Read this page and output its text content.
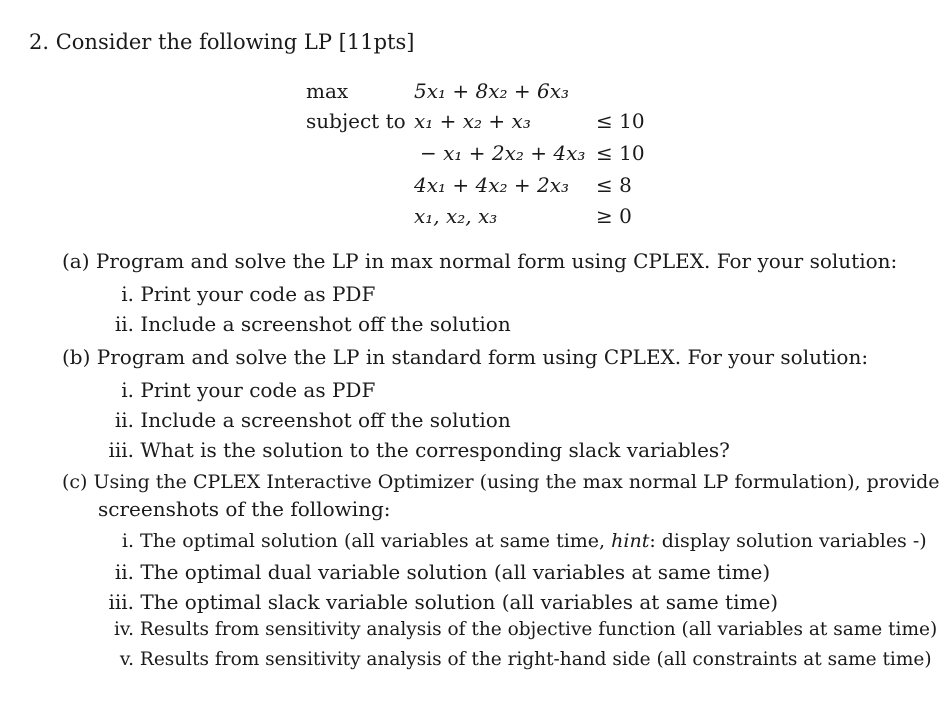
2. Consider the following LP [11pts]
max	5x₁ + 8x₂ + 6x₃
subject to x₁ + x₂ + x₃	≤ 10
− x₁ + 2x₂ + 4x₃ ≤ 10
4x₁ + 4x₂ + 2x₃ ≤ 8
x₁, x₂, x₃	≥ 0
(a) Program and solve the LP in max normal form using CPLEX. For your solution:
i. Print your code as PDF
ii. Include a screenshot off the solution
(b) Program and solve the LP in standard form using CPLEX. For your solution:
i. Print your code as PDF
ii. Include a screenshot off the solution
iii. What is the solution to the corresponding slack variables?
(c) Using the CPLEX Interactive Optimizer (using the max normal LP formulation), provide
screenshots of the following:
i. The optimal solution (all variables at same time, hint: display solution variables -)
ii. The optimal dual variable solution (all variables at same time)
iii. The optimal slack variable solution (all variables at same time)
iv. Results from sensitivity analysis of the objective function (all variables at same time)
v. Results from sensitivity analysis of the right-hand side (all constraints at same time)
